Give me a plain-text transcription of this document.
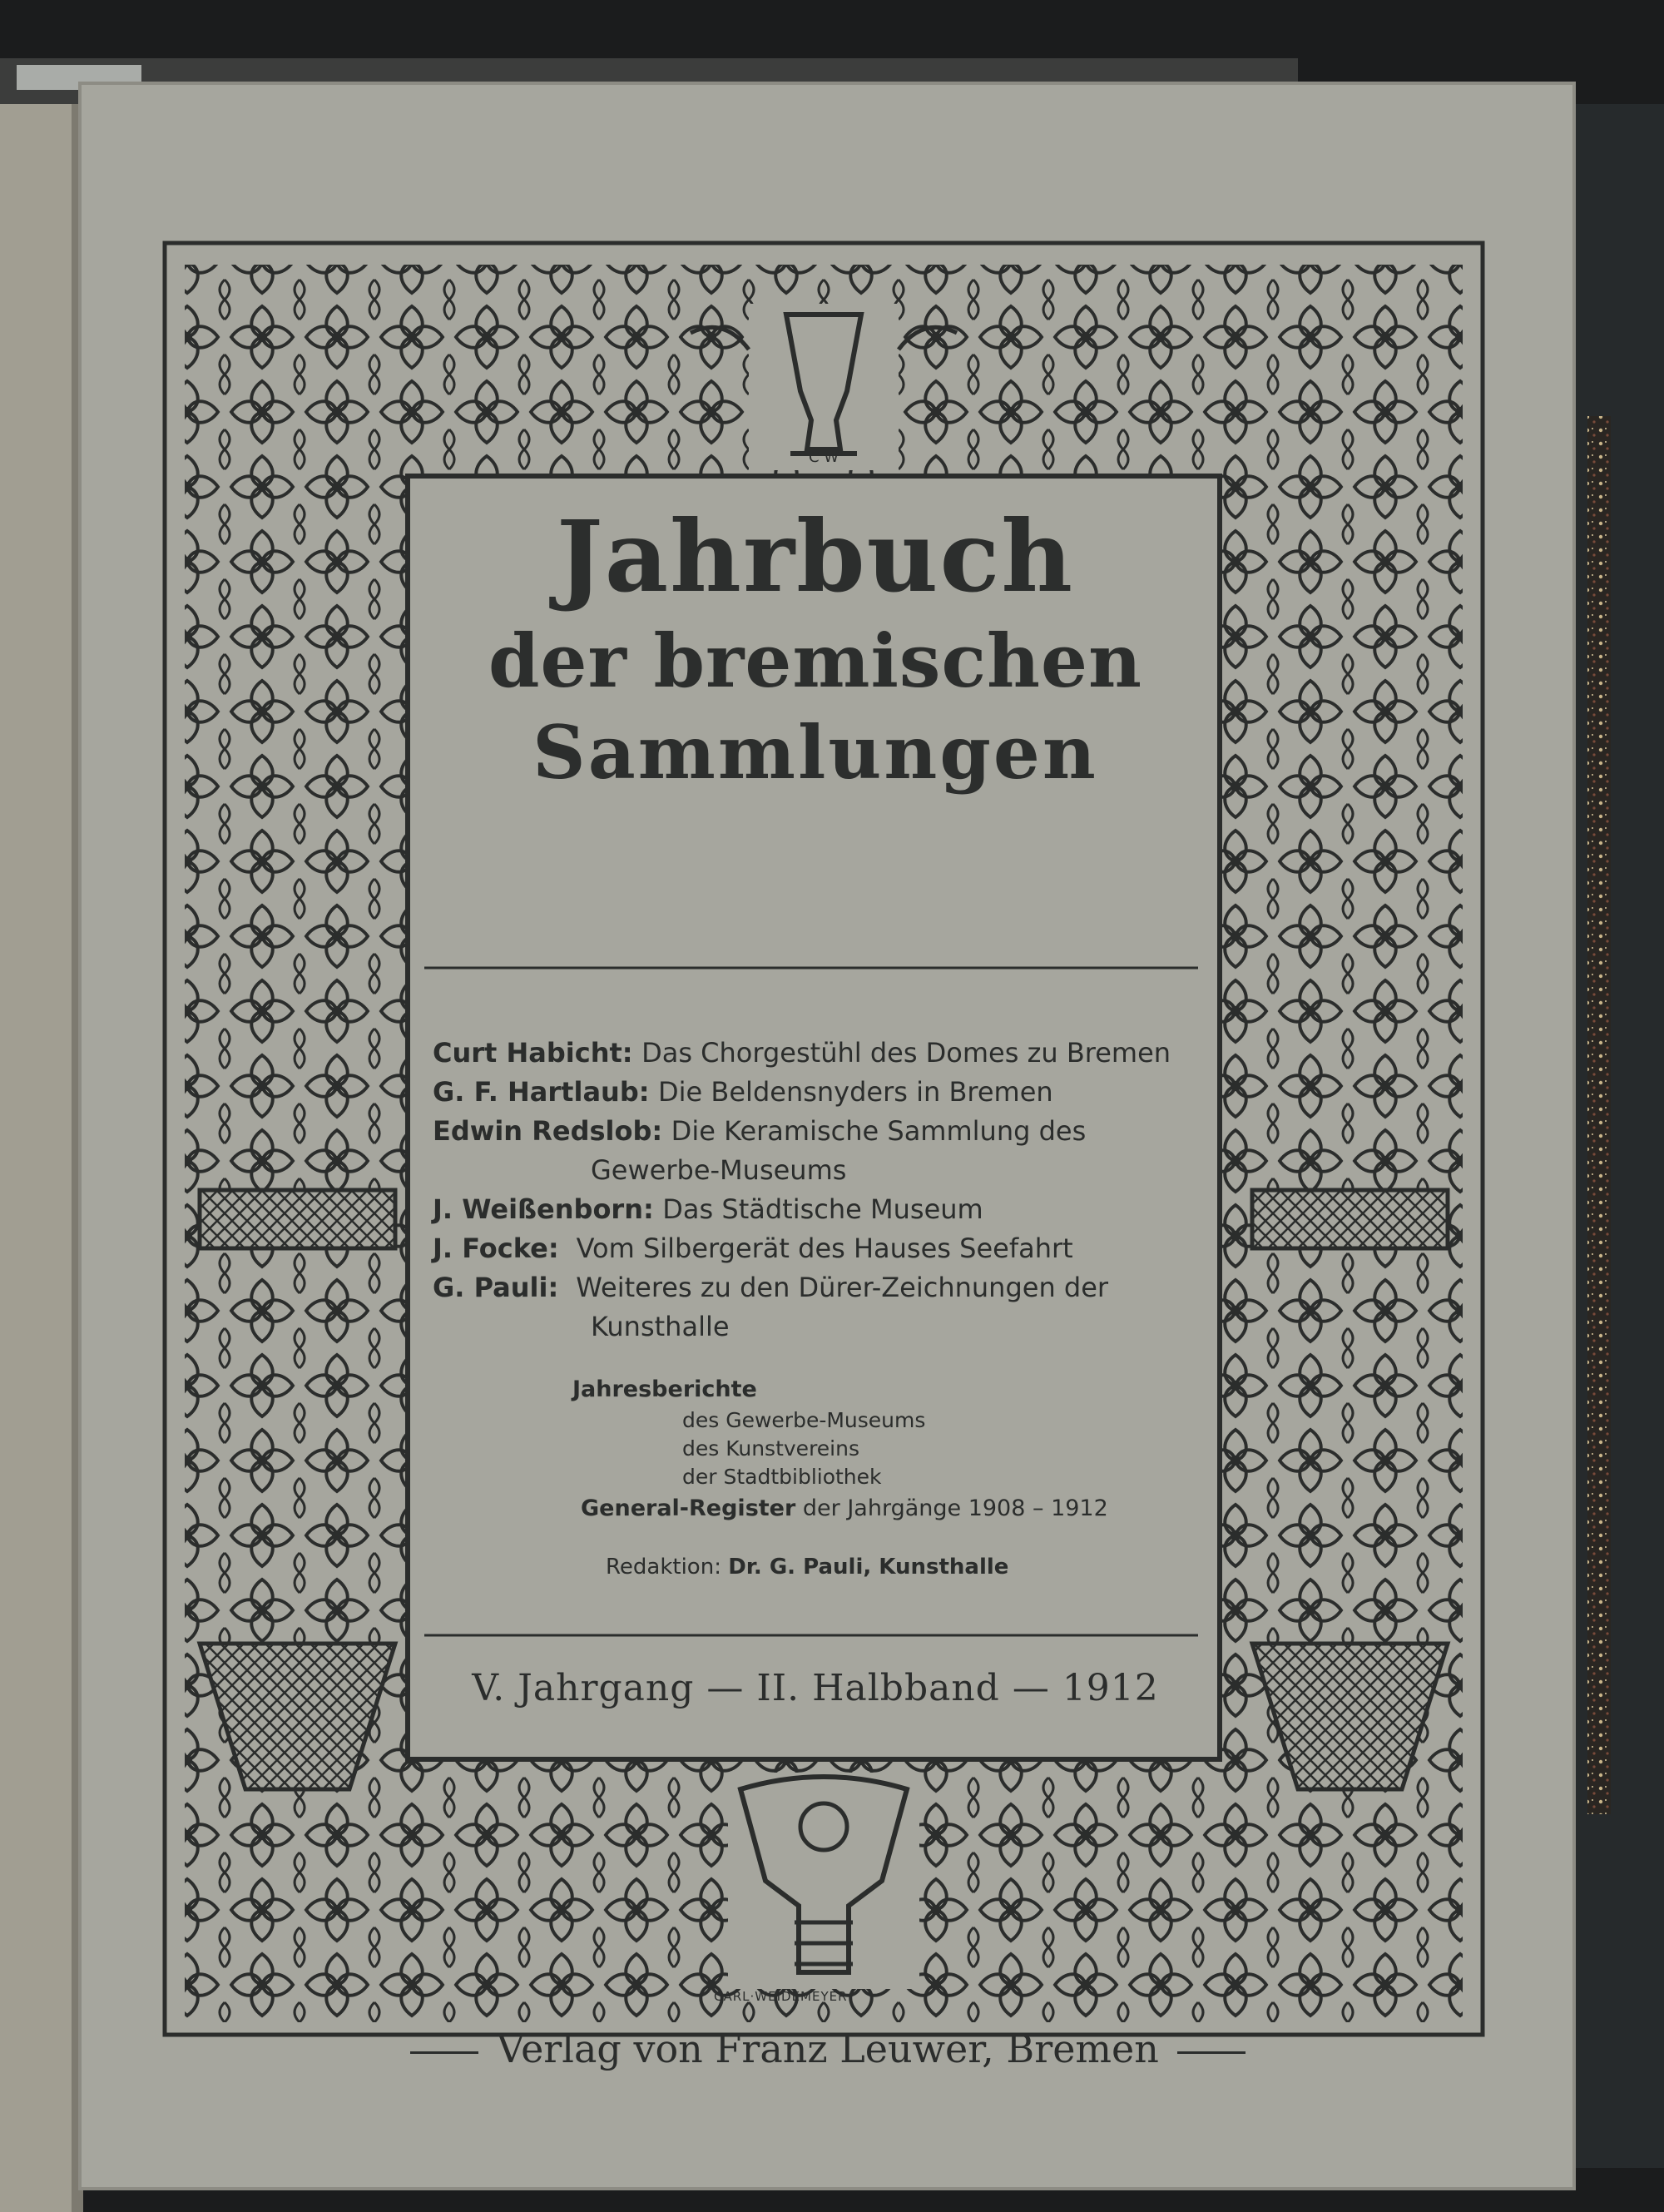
C W

Jahrbuch

der bremischen

Sammlungen

Curt Habicht:
Das Chorgestühl des Domes zu Bremen
G. F. Hartlaub:
Die Beldensnyders in Bremen
Edwin Redslob:
Die Keramische Sammlung des
Gewerbe-Museums
J. Weißenborn:
Das Städtische Museum
J. Focke:
Vom Silbergerät des Hauses Seefahrt
G. Pauli:
Weiteres zu den Dürer-Zeichnungen der
Kunsthalle
Jahresberichte
des Gewerbe-Museums
des Kunstvereins
der Stadtbibliothek
General-Register der Jahrgänge 1908 – 1912
Redaktion: Dr. G. Pauli, Kunsthalle
V. Jahrgang — II. Halbband — 1912
CARL·WEIDEMEYER·
Verlag von Franz Leuwer, Bremen
